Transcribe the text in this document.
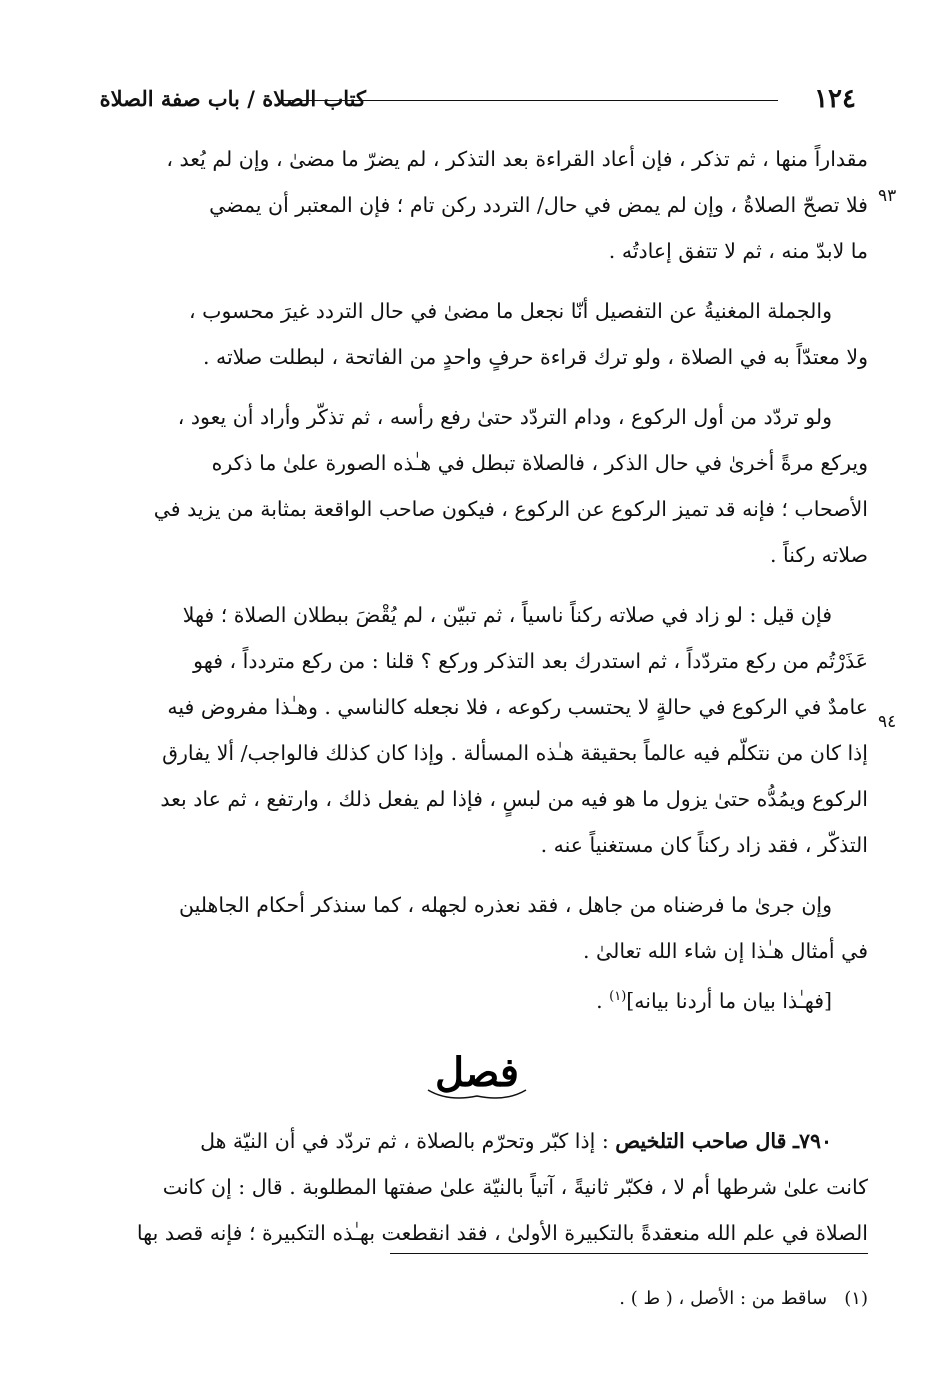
١٢٤
كتاب الصلاة / باب صفة الصلاة
٩٣
٩٤
مقداراً منها ، ثم تذكر ، فإن أعاد القراءة بعد التذكر ، لم يضرّ ما مضىٰ ، وإن لم يُعد ،
فلا تصحّ الصلاةُ ، وإن لم يمض في حال/ التردد ركن تام ؛ فإن المعتبر أن يمضي
ما لابدّ منه ، ثم لا تتفق إعادتُه .
والجملة المغنيةُ عن التفصيل أنّا نجعل ما مضىٰ في حال التردد غيرَ محسوب ،
ولا معتدّاً به في الصلاة ، ولو ترك قراءة حرفٍ واحدٍ من الفاتحة ، لبطلت صلاته .
ولو تردّد من أول الركوع ، ودام التردّد حتىٰ رفع رأسه ، ثم تذكّر وأراد أن يعود ،
ويركع مرةً أخرىٰ في حال الذكر ، فالصلاة تبطل في هـٰذه الصورة علىٰ ما ذكره
الأصحاب ؛ فإنه قد تميز الركوع عن الركوع ، فيكون صاحب الواقعة بمثابة من يزيد في
صلاته ركناً .
فإن قيل : لو زاد في صلاته ركناً ناسياً ، ثم تبيّن ، لم يُقْضَ ببطلان الصلاة ؛ فهلا
عَذَرْتُم من ركع متردّداً ، ثم استدرك بعد التذكر وركع ؟ قلنا : من ركع متردداً ، فهو
عامدٌ في الركوع في حالةٍ لا يحتسب ركوعه ، فلا نجعله كالناسي . وهـٰذا مفروض فيه
إذا كان من نتكلّم فيه عالماً بحقيقة هـٰذه المسألة . وإذا كان كذلك فالواجب/ ألا يفارق
الركوع ويمُدُّه حتىٰ يزول ما هو فيه من لبسٍ ، فإذا لم يفعل ذلك ، وارتفع ، ثم عاد بعد
التذكّر ، فقد زاد ركناً كان مستغنياً عنه .
وإن جرىٰ ما فرضناه من جاهل ، فقد نعذره لجهله ، كما سنذكر أحكام الجاهلين
في أمثال هـٰذا إن شاء الله تعالىٰ .
[فهـٰذا بيان ما أردنا بيانه]$^{(١)}$ .
فصل
٧٩٠ـ قال صاحب التلخيص : إذا كبّر وتحرّم بالصلاة ، ثم تردّد في أن النيّة هل
كانت علىٰ شرطها أم لا ، فكبّر ثانيةً ، آتياً بالنيّة علىٰ صفتها المطلوبة . قال : إن كانت
الصلاة في علم الله منعقدةً بالتكبيرة الأولىٰ ، فقد انقطعت بهـٰذه التكبيرة ؛ فإنه قصد بها
(١)   ساقط من : الأصل ، ( ط ) .
